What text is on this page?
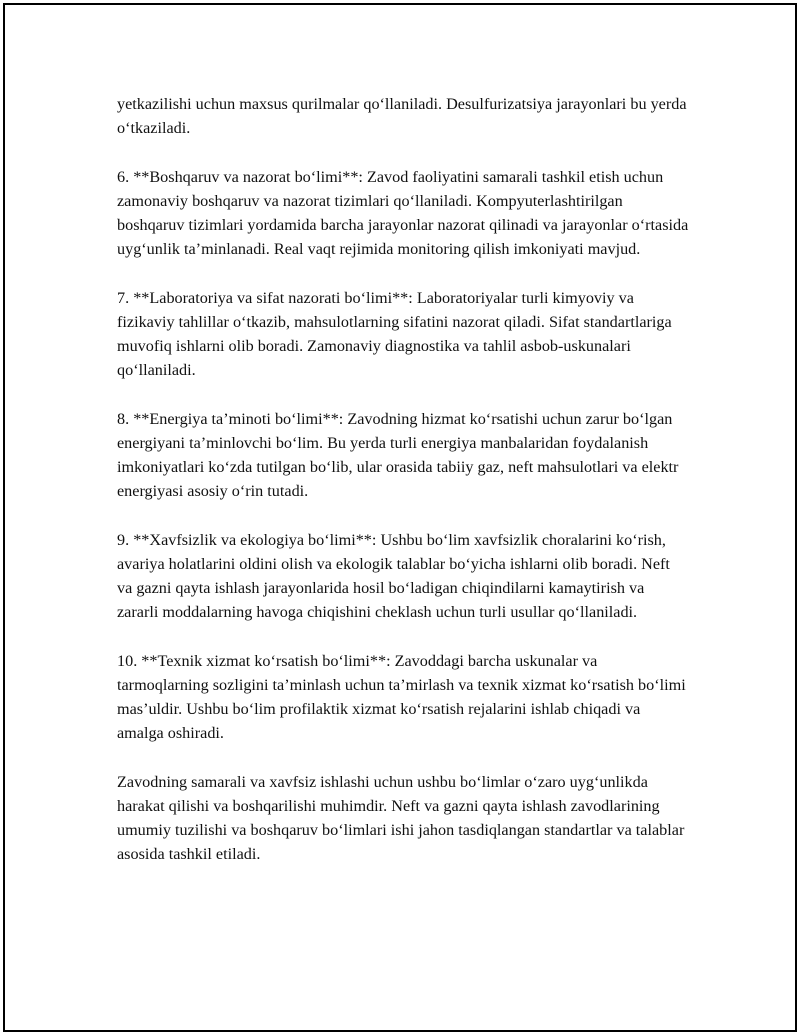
yetkazilishi uchun maxsus qurilmalar qo‘llaniladi. Desulfurizatsiya jarayonlari bu yerda o‘tkaziladi.

6. **Boshqaruv va nazorat bo‘limi**: Zavod faoliyatini samarali tashkil etish uchun zamonaviy boshqaruv va nazorat tizimlari qo‘llaniladi. Kompyuterlashtirilgan boshqaruv tizimlari yordamida barcha jarayonlar nazorat qilinadi va jarayonlar o‘rtasida uyg‘unlik ta’minlanadi. Real vaqt rejimida monitoring qilish imkoniyati mavjud.

7. **Laboratoriya va sifat nazorati bo‘limi**: Laboratoriyalar turli kimyoviy va fizikaviy tahlillar o‘tkazib, mahsulotlarning sifatini nazorat qiladi. Sifat standartlariga muvofiq ishlarni olib boradi. Zamonaviy diagnostika va tahlil asbob-uskunalari qo‘llaniladi.

8. **Energiya ta’minoti bo‘limi**: Zavodning hizmat ko‘rsatishi uchun zarur bo‘lgan energiyani ta’minlovchi bo‘lim. Bu yerda turli energiya manbalaridan foydalanish imkoniyatlari ko‘zda tutilgan bo‘lib, ular orasida tabiiy gaz, neft mahsulotlari va elektr energiyasi asosiy o‘rin tutadi.

9. **Xavfsizlik va ekologiya bo‘limi**: Ushbu bo‘lim xavfsizlik choralarini ko‘rish, avariya holatlarini oldini olish va ekologik talablar bo‘yicha ishlarni olib boradi. Neft va gazni qayta ishlash jarayonlarida hosil bo‘ladigan chiqindilarni kamaytirish va zararli moddalarning havoga chiqishini cheklash uchun turli usullar qo‘llaniladi.

10. **Texnik xizmat ko‘rsatish bo‘limi**: Zavoddagi barcha uskunalar va tarmoqlarning sozligini ta’minlash uchun ta’mirlash va texnik xizmat ko‘rsatish bo‘limi mas’uldir. Ushbu bo‘lim profilaktik xizmat ko‘rsatish rejalarini ishlab chiqadi va amalga oshiradi.

Zavodning samarali va xavfsiz ishlashi uchun ushbu bo‘limlar o‘zaro uyg‘unlikda harakat qilishi va boshqarilishi muhimdir. Neft va gazni qayta ishlash zavodlarining umumiy tuzilishi va boshqaruv bo‘limlari ishi jahon tasdiqlangan standartlar va talablar asosida tashkil etiladi.
